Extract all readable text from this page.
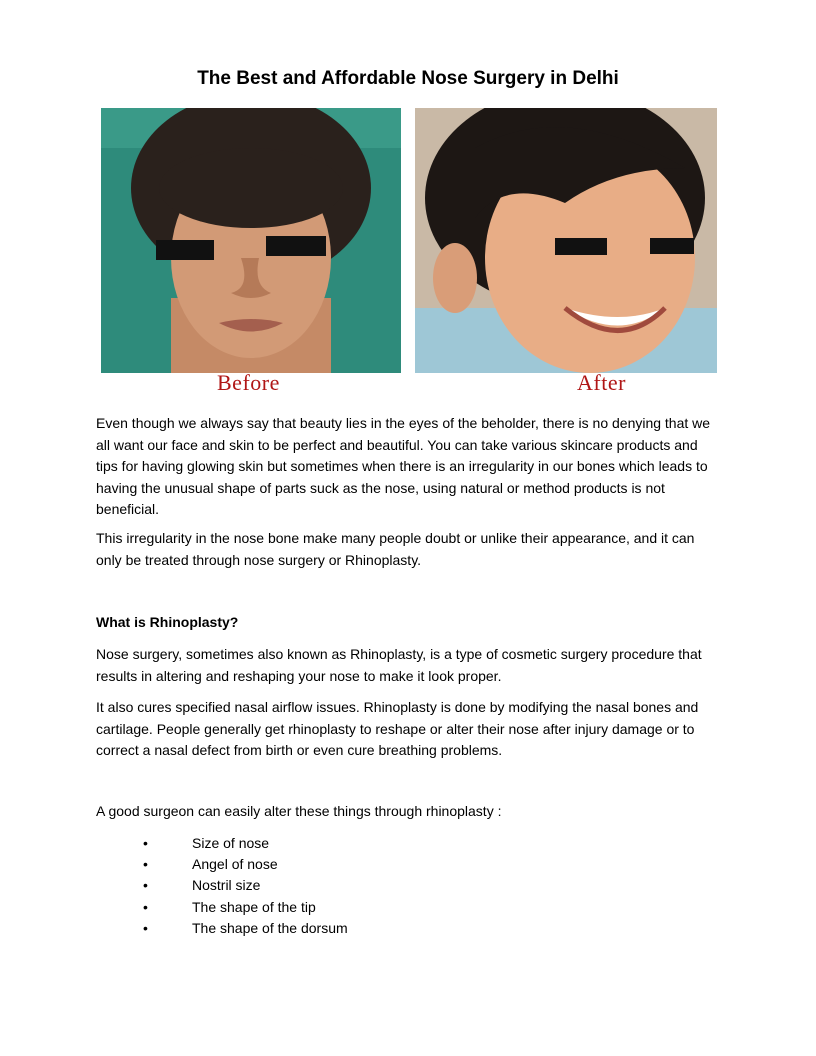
The Best and Affordable Nose Surgery in Delhi
Before	After

Even though we always say that beauty lies in the eyes of the beholder, there is no denying that we all want our face and skin to be perfect and beautiful. You can take various skincare products and tips for having glowing skin but sometimes when there is an irregularity in our bones which leads to having the unusual shape of parts suck as the nose, using natural or method products is not beneficial.

This irregularity in the nose bone make many people doubt or unlike their appearance, and it can only be treated through nose surgery or Rhinoplasty.

What is Rhinoplasty?

Nose surgery, sometimes also known as Rhinoplasty, is a type of cosmetic surgery procedure that results in altering and reshaping your nose to make it look proper.

It also cures specified nasal airflow issues. Rhinoplasty is done by modifying the nasal bones and cartilage. People generally get rhinoplasty to reshape or alter their nose after injury damage or to correct a nasal defect from birth or even cure breathing problems.

A good surgeon can easily alter these things through rhinoplasty :

•	Size of nose
•	Angel of nose
•	Nostril size
•	The shape of the tip
•	The shape of the dorsum
